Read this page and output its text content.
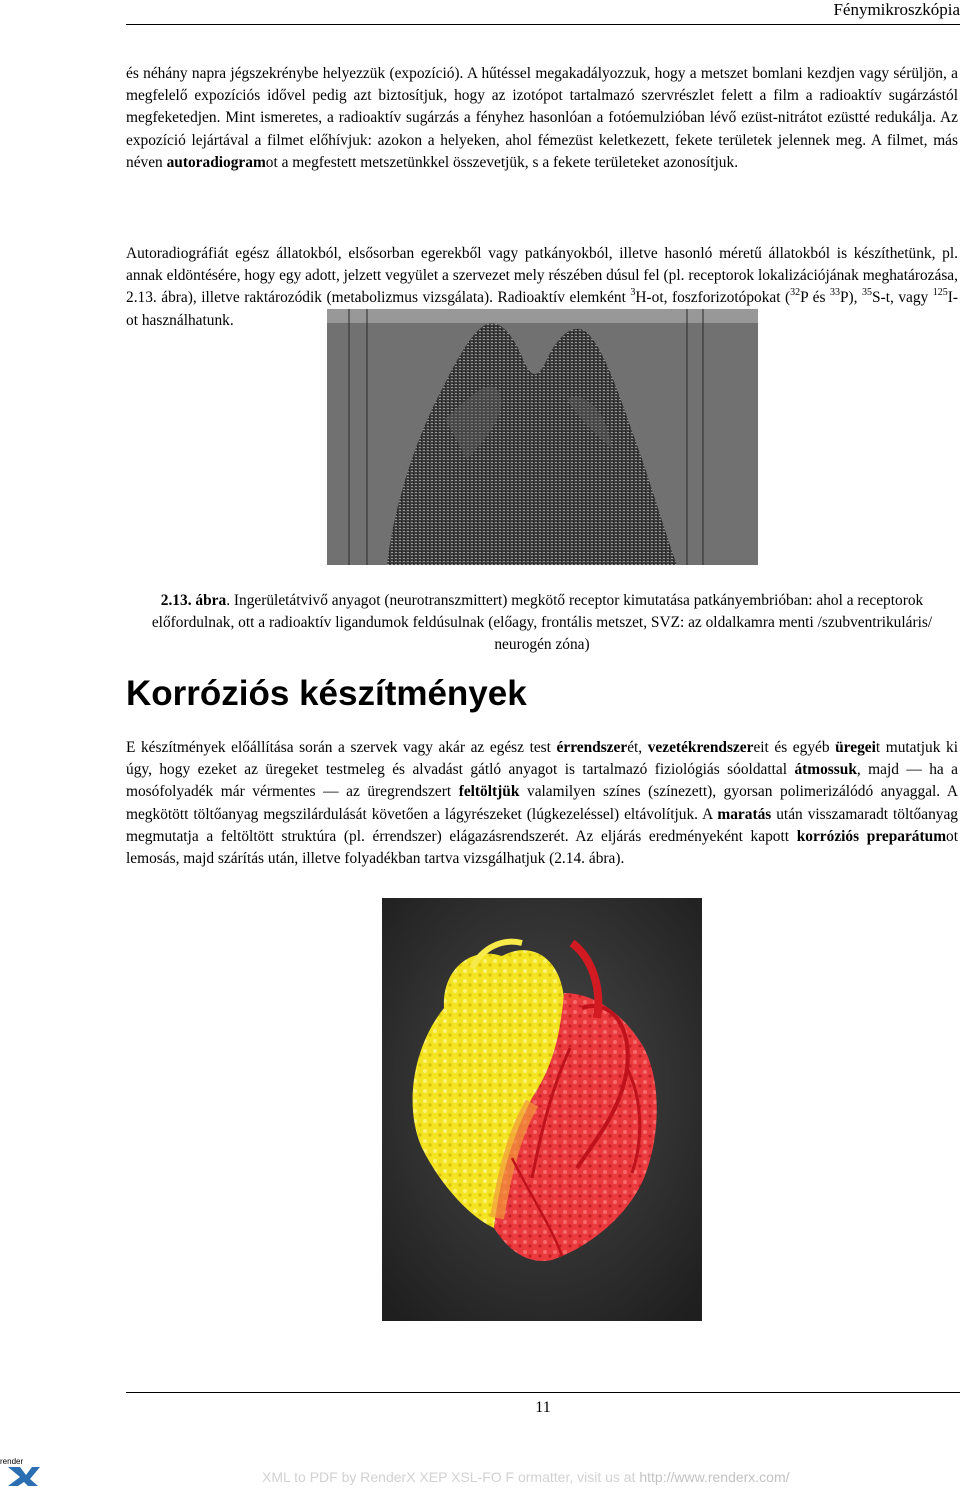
Fénymikroszkópia

és néhány napra jégszekrénybe helyezzük (expozíció). A hűtéssel megakadályozzuk, hogy a metszet bomlani kezdjen vagy sérüljön, a megfelelő expozíciós idővel pedig azt biztosítjuk, hogy az izotópot tartalmazó szervrészlet felett a film a radioaktív sugárzástól megfeketedjen. Mint ismeretes, a radioaktív sugárzás a fényhez hasonlóan a fotóemulzióban lévő ezüst-nitrátot ezüstté redukálja. Az expozíció lejártával a filmet előhívjuk: azokon a helyeken, ahol fémezüst keletkezett, fekete területek jelennek meg. A filmet, más néven autoradiogramot a megfestett metszetünkkel összevetjük, s a fekete területeket azonosítjuk.

Autoradiográfiát egész állatokból, elsősorban egerekből vagy patkányokból, illetve hasonló méretű állatokból is készíthetünk, pl. annak eldöntésére, hogy egy adott, jelzett vegyület a szervezet mely részében dúsul fel (pl. receptorok lokalizációjának meghatározása, 2.13. ábra), illetve raktározódik (metabolizmus vizsgálata). Radioaktív elemként $^3$H-ot, foszforizotópokat ($^{32}$P és $^{33}$P), $^{35}$S-t, vagy $^{125}$I-ot használhatunk.

2.13. ábra. Ingerületátvivő anyagot (neurotranszmittert) megkötő receptor kimutatása patkányembrióban: ahol a receptorok előfordulnak, ott a radioaktív ligandumok feldúsulnak (előagy, frontális metszet, SVZ: az oldalkamra menti /szubventrikuláris/ neurogén zóna)

Korróziós készítmények

E készítmények előállítása során a szervek vagy akár az egész test érrendszerét, vezetékrendszereit és egyéb üregeit mutatjuk ki úgy, hogy ezeket az üregeket testmeleg és alvadást gátló anyagot is tartalmazó fiziológiás sóoldattal átmossuk, majd — ha a mosófolyadék már vérmentes — az üregrendszert feltöltjük valamilyen színes (színezett), gyorsan polimerizálódó anyaggal. A megkötött töltőanyag megszilárdulását követően a lágyrészeket (lúgkezeléssel) eltávolítjuk. A maratás után visszamaradt töltőanyag megmutatja a feltöltött struktúra (pl. érrendszer) elágazásrendszerét. Az eljárás eredményeként kapott korróziós preparátumot lemosás, majd szárítás után, illetve folyadékban tartva vizsgálhatjuk (2.14. ábra).

11
render
XML to PDF by RenderX XEP XSL-FO F ormatter, visit us at http://www.renderx.com/
